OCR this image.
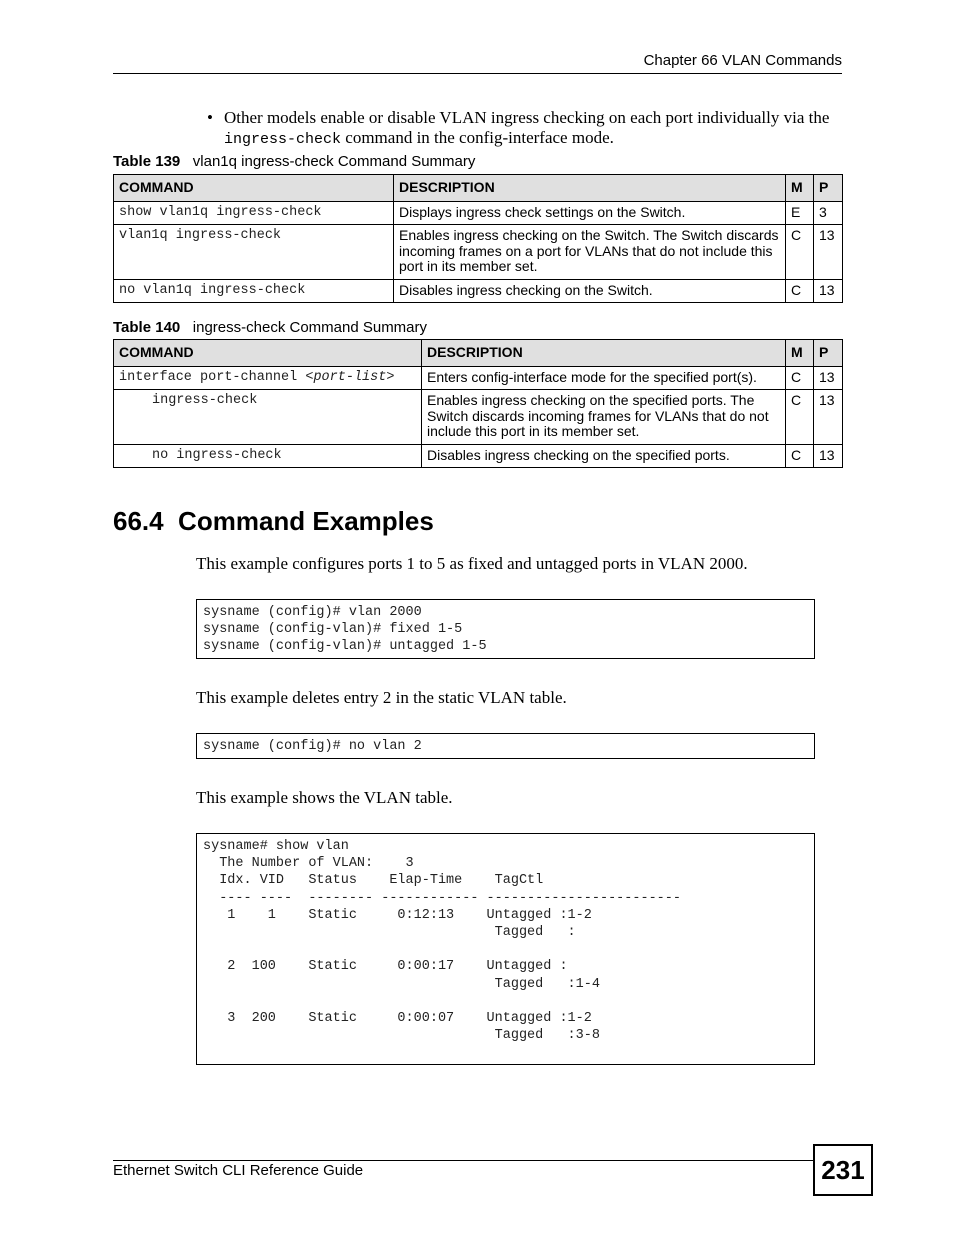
Chapter 66 VLAN Commands
• Other models enable or disable VLAN ingress checking on each port individually via the
ingress-check command in the config-interface mode.
Table 139 vlan1q ingress-check Command Summary
COMMAND	DESCRIPTION	M	P
show vlan1q ingress-check	Displays ingress check settings on the Switch.	E	3
vlan1q ingress-check	Enables ingress checking on the Switch. The Switch discards incoming frames on a port for VLANs that do not include this port in its member set.	C	13
no vlan1q ingress-check	Disables ingress checking on the Switch.	C	13
Table 140 ingress-check Command Summary
COMMAND	DESCRIPTION	M	P
interface port-channel <port-list>	Enters config-interface mode for the specified port(s).	C	13
ingress-check	Enables ingress checking on the specified ports. The Switch discards incoming frames for VLANs that do not include this port in its member set.	C	13
no ingress-check	Disables ingress checking on the specified ports.	C	13
66.4  Command Examples
This example configures ports 1 to 5 as fixed and untagged ports in VLAN 2000.
sysname (config)# vlan 2000
sysname (config-vlan)# fixed 1-5
sysname (config-vlan)# untagged 1-5
This example deletes entry 2 in the static VLAN table.
sysname (config)# no vlan 2
This example shows the VLAN table.
sysname# show vlan
The Number of VLAN:    3
Idx. VID   Status    Elap-Time    TagCtl
---- ----  -------- ------------ ------------------------
1    1    Static     0:12:13    Untagged :1-2
Tagged   :

2  100    Static     0:00:17    Untagged :
Tagged   :1-4

3  200    Static     0:00:07    Untagged :1-2
Tagged   :3-8

Ethernet Switch CLI Reference Guide	231
